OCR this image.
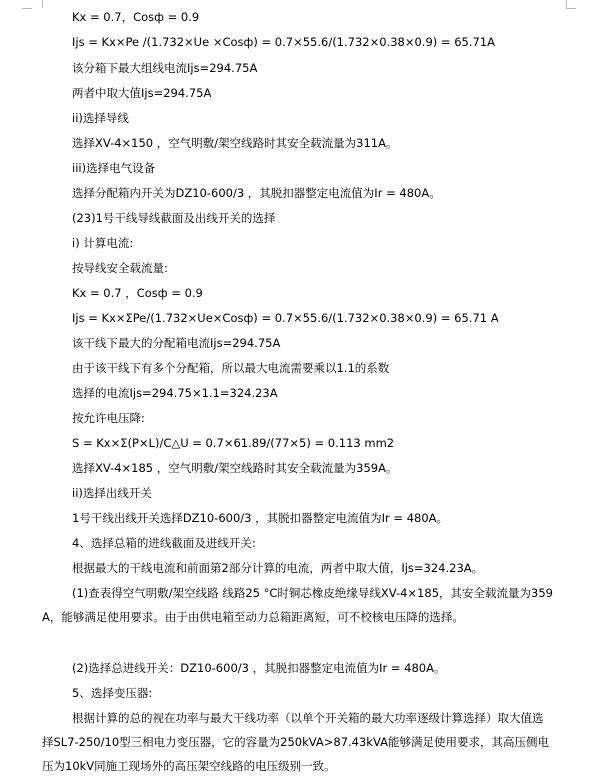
Kx = 0.7，Cosф = 0.9
Ijs = Kx×Pe /(1.732×Ue ×Cosф) = 0.7×55.6/(1.732×0.38×0.9) = 65.71A
该分箱下最大组线电流Ijs=294.75A
两者中取大值Ijs=294.75A
ii)选择导线
选择XV-4×150 ，空气明敷/架空线路时其安全载流量为311A。
iii)选择电气设备
选择分配箱内开关为DZ10-600/3 ，其脱扣器整定电流值为Ir = 480A。
(23)1号干线导线截面及出线开关的选择
i) 计算电流:
按导线安全载流量:
Kx = 0.7 ，Cosф = 0.9
Ijs = Kx×ΣPe/(1.732×Ue×Cosф) = 0.7×55.6/(1.732×0.38×0.9) = 65.71 A
该干线下最大的分配箱电流Ijs=294.75A
由于该干线下有多个分配箱，所以最大电流需要乘以1.1的系数
选择的电流Ijs=294.75×1.1=324.23A
按允许电压降:
S = Kx×Σ(P×L)/C△U = 0.7×61.89/(77×5) = 0.113 mm2
选择XV-4×185 ，空气明敷/架空线路时其安全载流量为359A。
ii)选择出线开关
1号干线出线开关选择DZ10-600/3 ，其脱扣器整定电流值为Ir = 480A。
4、选择总箱的进线截面及进线开关:
根据最大的干线电流和前面第2部分计算的电流，两者中取大值，Ijs=324.23A。
(1)查表得空气明敷/架空线路 线路25 °C时铜芯橡皮绝缘导线XV-4×185，其安全载流量为359A，能够满足使用要求。由于由供电箱至动力总箱距离短，可不校核电压降的选择。
(2)选择总进线开关：DZ10-600/3 ，其脱扣器整定电流值为Ir = 480A。
5、选择变压器:
根据计算的总的视在功率与最大干线功率（以单个开关箱的最大功率逐级计算选择）取大值选择SL7-250/10型三相电力变压器，它的容量为250kVA>87.43kVA能够满足使用要求，其高压侧电压为10kV同施工现场外的高压架空线路的电压级别一致。
